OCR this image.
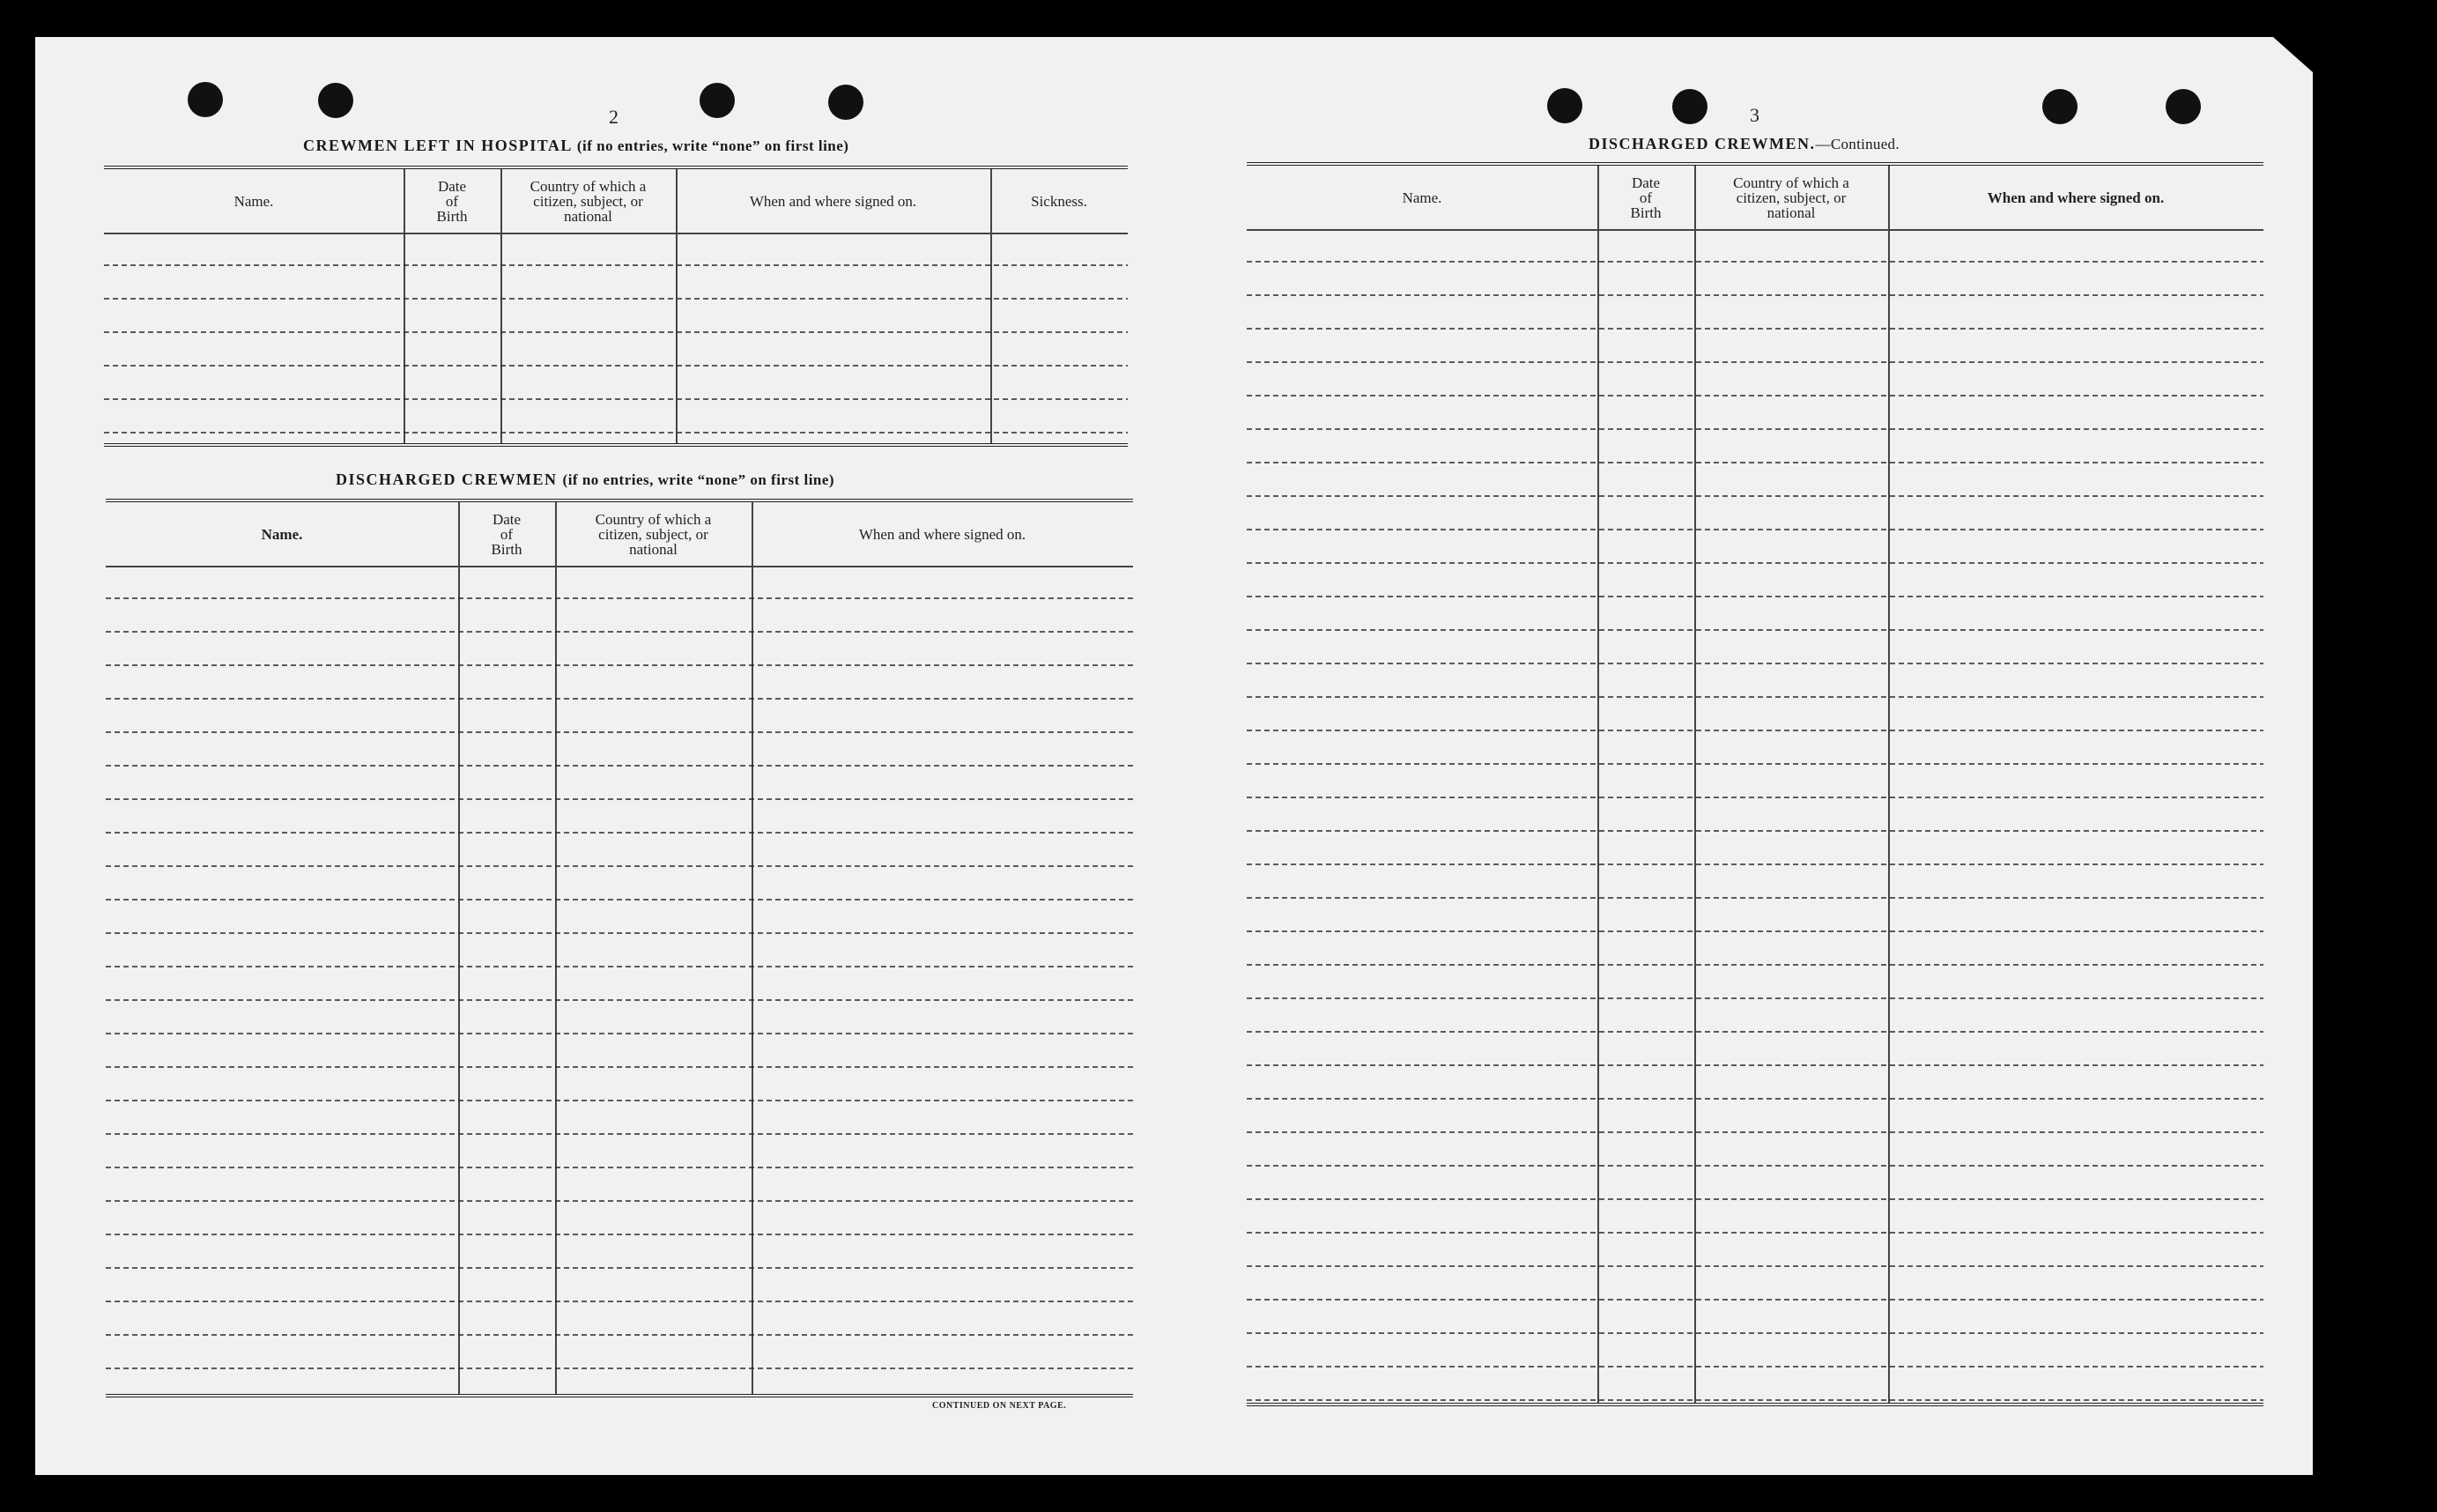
2
CREWMEN LEFT IN HOSPITAL (if no entries, write “none” on first line)
Name.
Date
of
Birth
Country of which a
citizen, subject, or
national
When and where signed on.	Sickness.
DISCHARGED CREWMEN (if no entries, write “none” on first line)
Name.
Date
of
Birth
Country of which a
citizen, subject, or
national
When and where signed on.
CONTINUED ON NEXT PAGE.
3
DISCHARGED CREWMEN.—Continued.
Name.
Date
of
Birth
Country of which a
citizen, subject, or
national
When and where signed on.
